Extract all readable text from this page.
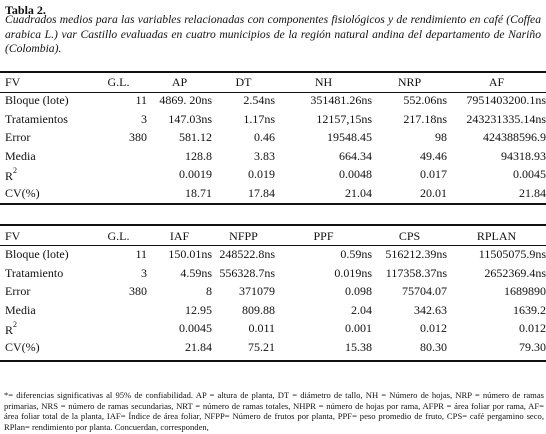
Tabla 2.
Cuadrados medios para las variables relacionadas con componentes fisiológicos y de rendimiento en café (Coffea arabica L.) var Castillo evaluadas en cuatro municipios de la región natural andina del departamento de Nariño (Colombia).
FV	G.L.	AP	DT	NH	NRP	AF
Bloque (lote)	11	4869. 20ns	2.54ns	351481.26ns	552.06ns	7951403200.1ns
Tratamientos	3	147.03ns	1.17ns	12157,15ns	217.18ns	243231335.14ns
Error	380	581.12	0.46	19548.45	98	424388596.9
Media		128.8	3.83	664.34	49.46	94318.93
$R^2$		0.0019	0.019	0.0048	0.017	0.0045
CV(%)		18.71	17.84	21.04	20.01	21.84
FV	G.L.	IAF	NFPP	PPF	CPS	RPLAN
Bloque (lote)	11	150.01ns	248522.8ns	0.59ns	516212.39ns	11505075.9ns
Tratamiento	3	4.59ns	556328.7ns	0.019ns	117358.37ns	2652369.4ns
Error	380	8	371079	0.098	75704.07	1689890
Media		12.95	809.88	2.04	342.63	1639.2
$R^2$		0.0045	0.011	0.001	0.012	0.012
CV(%)		21.84	75.21	15.38	80.30	79.30
*= diferencias significativas al 95% de confiabilidad. AP = altura de planta, DT = diámetro de tallo, NH = Número de hojas, NRP = número de ramas primarias, NRS = número de ramas secundarias, NRT = número de ramas totales, NHPR = número de hojas por rama, AFPR = área foliar por rama, AF= área foliar total de la planta, IAF= Índice de área foliar, NFPP= Número de frutos por planta, PPF= peso promedio de fruto, CPS= café pergamino seco, RPlan= rendimiento por planta. Concuerdan, corresponden,
